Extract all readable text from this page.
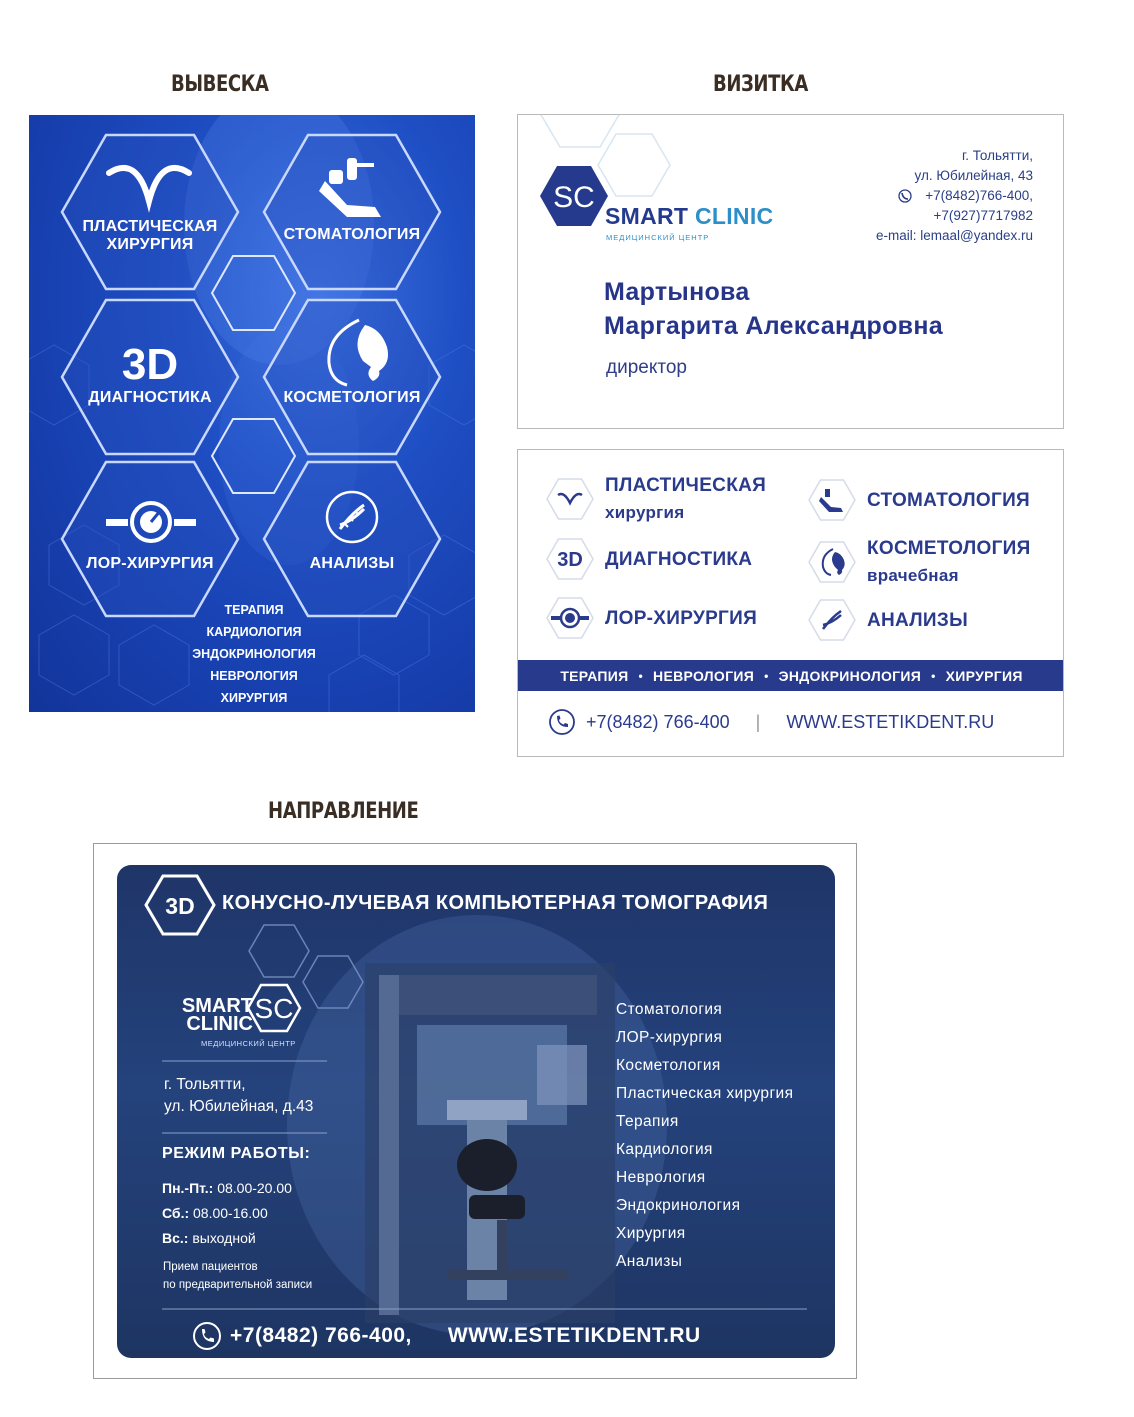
ВЫВЕСКА	ВИЗИТКА
НАПРАВЛЕНИЕ
3D
ПЛАСТИЧЕСКАЯ
ХИРУРГИЯ
СТОМАТОЛОГИЯ
ДИАГНОСТИКА	КОСМЕТОЛОГИЯ
ЛОР-ХИРУРГИЯ	АНАЛИЗЫ
ТЕРАПИЯ
КАРДИОЛОГИЯ
ЭНДОКРИНОЛОГИЯ
НЕВРОЛОГИЯ
ХИРУРГИЯ
SC
SMART CLINIC
МЕДИЦИНСКИЙ ЦЕНТР
г. Тольятти,
ул. Юбилейная, 43
+7(8482)766-400,
+7(927)7717982
e-mail: lemaal@yandex.ru
Мартынова
Маргарита Александровна
директор
ПЛАСТИЧЕСКАЯ
хирургия
СТОМАТОЛОГИЯ
3D ДИАГНОСТИКА	КОСМЕТОЛОГИЯ
врачебная
ЛОР-ХИРУРГИЯ	АНАЛИЗЫ
ТЕРАПИЯ • НЕВРОЛОГИЯ • ЭНДОКРИНОЛОГИЯ • ХИРУРГИЯ
+7(8482) 766-400 | WWW.ESTETIKDENT.RU
3D
SC
КОНУСНО-ЛУЧЕВАЯ КОМПЬЮТЕРНАЯ ТОМОГРАФИЯ
SMART
CLINIC
МЕДИЦИНСКИЙ ЦЕНТР
г. Тольятти,
ул. Юбилейная, д.43
РЕЖИМ РАБОТЫ:
Пн.-Пт.: 08.00-20.00
Сб.: 08.00-16.00
Вс.: выходной
Прием пациентов
по предварительной записи
Стоматология
ЛОР-хирургия
Косметология
Пластическая хирургия
Терапия
Кардиология
Неврология
Эндокринология
Хирургия
Анализы
+7(8482) 766-400, WWW.ESTETIKDENT.RU
